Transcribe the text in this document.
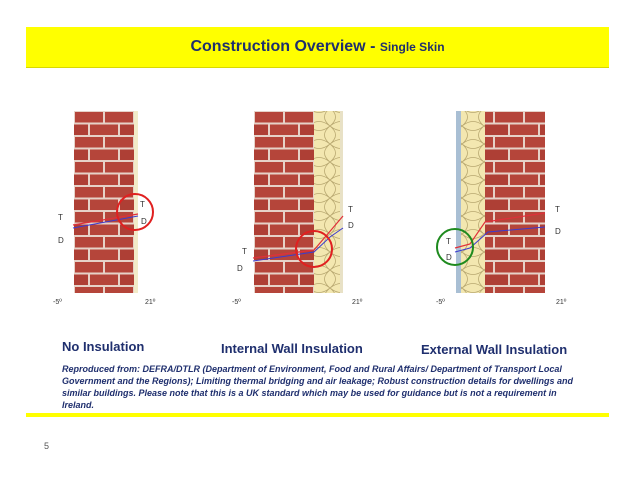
Construction Overview - Single Skin
T
D
T
D
-5º	21º
T
D
T
D
-5º	21º
T
D
T
D
-5º	21º
No Insulation	Internal Wall Insulation	External Wall Insulation
Reproduced from: DEFRA/DTLR (Department of Environment, Food and Rural Affairs/ Department of Transport Local Government and the Regions); Limiting thermal bridging and air leakage; Robust construction details for dwellings and similar buildings. Please note that this is a UK standard which may be used for guidance but is not a requirement in Ireland.
5
